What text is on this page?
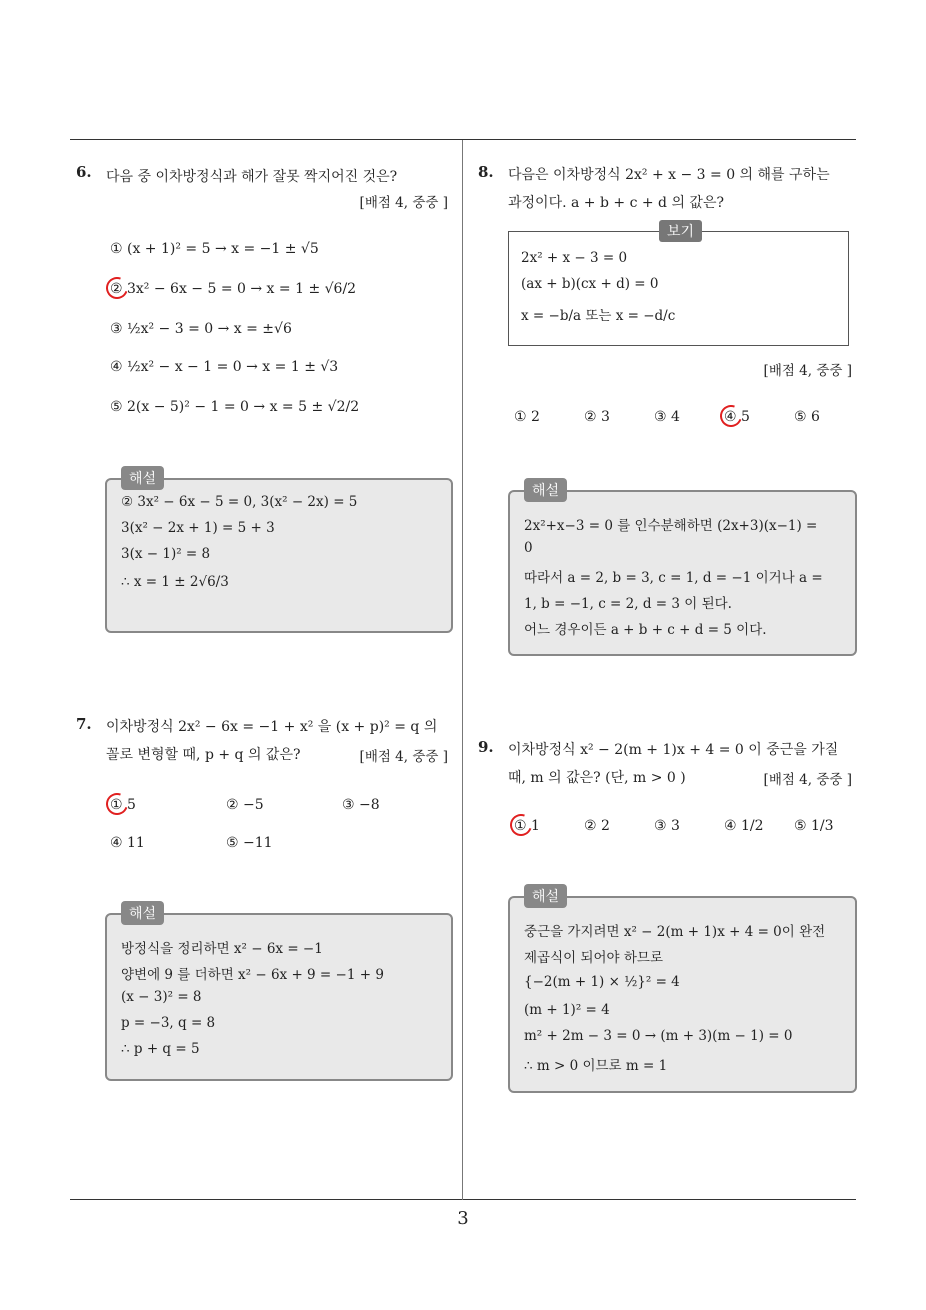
3
6. 다음 중 이차방정식과 해가 잘못 짝지어진 것은?
[배점 4, 중중 ]
① (x + 1)² = 5 → x = −1 ± √5
② 3x² − 6x − 5 = 0 → x = 1 ± √6/2
③ ½x² − 3 = 0 → x = ±√6
④ ½x² − x − 1 = 0 → x = 1 ± √3
⑤ 2(x − 5)² − 1 = 0 → x = 5 ± √2/2
해설
② 3x² − 6x − 5 = 0, 3(x² − 2x) = 5
3(x² − 2x + 1) = 5 + 3
3(x − 1)² = 8
∴ x = 1 ± 2√6/3
7. 이차방정식 2x² − 6x = −1 + x² 을 (x + p)² = q 의
꼴로 변형할 때, p + q 의 값은?	[배점 4, 중중 ]
① 5	② −5	③ −8
④ 11	⑤ −11
해설
방정식을 정리하면 x² − 6x = −1
양변에 9 를 더하면 x² − 6x + 9 = −1 + 9
(x − 3)² = 8
p = −3, q = 8
∴ p + q = 5
8. 다음은 이차방정식 2x² + x − 3 = 0 의 해를 구하는
과정이다. a + b + c + d 의 값은?
보기
2x² + x − 3 = 0
(ax + b)(cx + d) = 0
x = −b/a 또는 x = −d/c
[배점 4, 중중 ]
① 2	② 3	③ 4	④ 5	⑤ 6
해설
2x²+x−3 = 0 를 인수분해하면 (2x+3)(x−1) =
0
따라서 a = 2, b = 3, c = 1, d = −1 이거나 a =
1, b = −1, c = 2, d = 3 이 된다.
어느 경우이든 a + b + c + d = 5 이다.
9. 이차방정식 x² − 2(m + 1)x + 4 = 0 이 중근을 가질
때, m 의 값은? (단, m > 0 )	[배점 4, 중중 ]
① 1	② 2	③ 3	④ 1/2 ⑤ 1/3
해설
중근을 가지려면 x² − 2(m + 1)x + 4 = 0이 완전
제곱식이 되어야 하므로
{−2(m + 1) × ½}² = 4
(m + 1)² = 4
m² + 2m − 3 = 0 → (m + 3)(m − 1) = 0
∴ m > 0 이므로 m = 1
